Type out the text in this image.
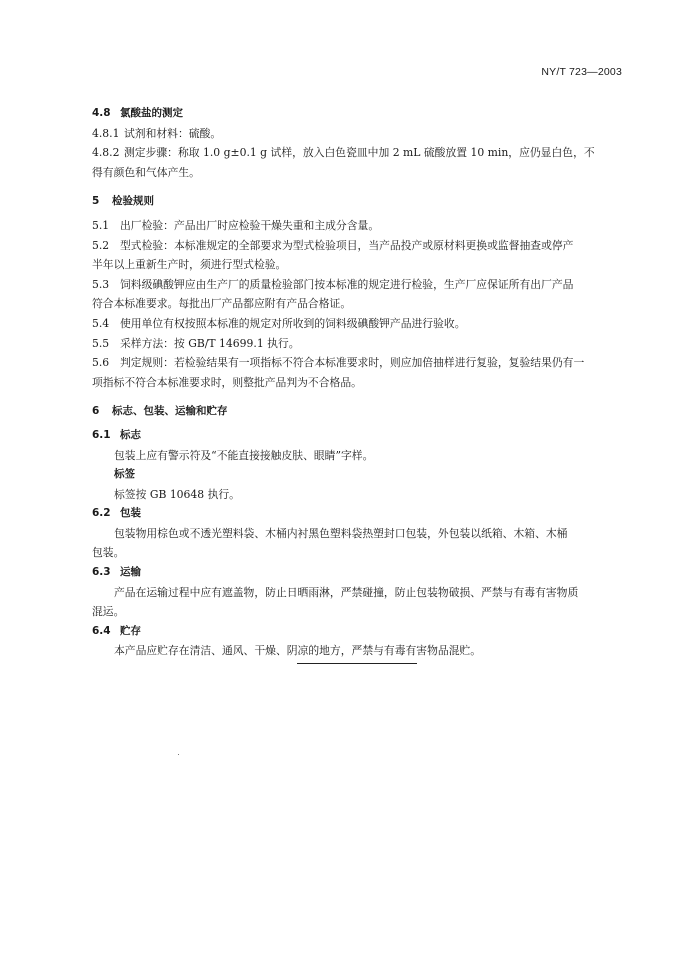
NY/T 723—2003
4.8 氯酸盐的测定
4.8.1 试剂和材料：硫酸。
4.8.2 测定步骤：称取 1.0 g±0.1 g 试样，放入白色瓷皿中加 2 mL 硫酸放置 10 min，应仍显白色，不
得有颜色和气体产生。
5 检验规则
5.1 出厂检验：产品出厂时应检验干燥失重和主成分含量。
5.2 型式检验：本标准规定的全部要求为型式检验项目，当产品投产或原材料更换或监督抽查或停产
半年以上重新生产时，须进行型式检验。
5.3 饲料级碘酸钾应由生产厂的质量检验部门按本标准的规定进行检验，生产厂应保证所有出厂产品
符合本标准要求。每批出厂产品都应附有产品合格证。
5.4 使用单位有权按照本标准的规定对所收到的饲料级碘酸钾产品进行验收。
5.5 采样方法：按 GB/T 14699.1 执行。
5.6 判定规则：若检验结果有一项指标不符合本标准要求时，则应加倍抽样进行复验，复验结果仍有一
项指标不符合本标准要求时，则整批产品判为不合格品。
6 标志、包装、运输和贮存
6.1 标志
包装上应有警示符及“不能直接接触皮肤、眼睛”字样。
标签
标签按 GB 10648 执行。
6.2 包装
包装物用棕色或不透光塑料袋、木桶内衬黑色塑料袋热塑封口包装，外包装以纸箱、木箱、木桶
包装。
6.3 运输
产品在运输过程中应有遮盖物，防止日晒雨淋，严禁碰撞，防止包装物破损、严禁与有毒有害物质
混运。
6.4 贮存
本产品应贮存在清洁、通风、干燥、阴凉的地方，严禁与有毒有害物品混贮。
